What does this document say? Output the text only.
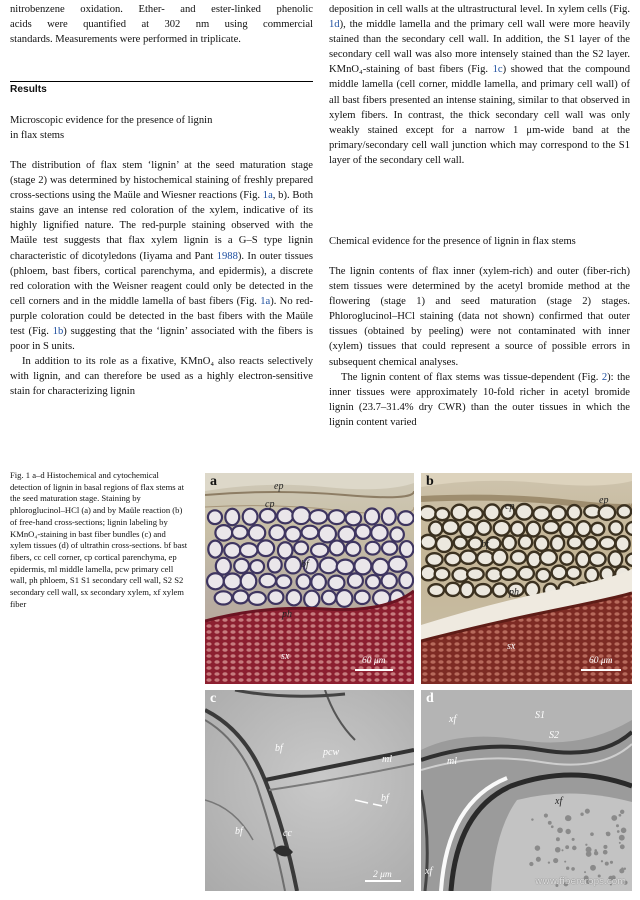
nitrobenzene oxidation. Ether- and ester-linked phenolic

acids were quantified at 302 nm using commercial

standards. Measurements were performed in triplicate.

Results
Microscopic evidence for the presence of lignin
in flax stems

The distribution of flax stem ‘lignin’ at the seed maturation stage (stage 2) was determined by histochemical staining of freshly prepared cross-sections using the Maüle and Wiesner reactions (Fig. 1a, b). Both stains gave an intense red coloration of the xylem, indicative of its highly lignified nature. The red-purple staining observed with the Maüle test suggests that flax xylem lignin is a G–S type lignin characteristic of dicotyledons (Iiyama and Pant 1988). In outer tissues (phloem, bast fibers, cortical parenchyma, and epidermis), a discrete red coloration with the Weisner reagent could only be detected in the cell corners and in the middle lamella of bast fibers (Fig. 1a). No red-purple coloration could be detected in the bast fibers with the Maüle test (Fig. 1b) suggesting that the ‘lignin’ associated with the fibers is poor in S units.

In addition to its role as a fixative, KMnO₄ also reacts selectively with lignin, and can therefore be used as a highly electron-sensitive stain for characterizing lignin

deposition in cell walls at the ultrastructural level. In xylem cells (Fig. 1d), the middle lamella and the primary cell wall were more heavily stained than the secondary cell wall. In addition, the S1 layer of the secondary cell wall was also more intensely stained than the S2 layer. KMnO₄-staining of bast fibers (Fig. 1c) showed that the compound middle lamella (cell corner, middle lamella, and primary cell wall) of all bast fibers presented an intense staining, similar to that observed in xylem fibers. In contrast, the thick secondary cell wall was only weakly stained except for a narrow 1 μm-wide band at the primary/secondary cell wall junction which may correspond to the S1 layer of the secondary cell wall.

Chemical evidence for the presence of lignin in flax stems

The lignin contents of flax inner (xylem-rich) and outer (fiber-rich) stem tissues were determined by the acetyl bromide method at the flowering (stage 1) and seed maturation (stage 2) stages. Phloroglucinol–HCl staining (data not shown) confirmed that outer tissues (obtained by peeling) were not contaminated with inner (xylem) tissues that could represent a source of possible errors in subsequent chemical analyses.

The lignin content of flax stems was tissue-dependent (Fig. 2): the inner tissues were approximately 10-fold richer in acetyl bromide lignin (23.7–31.4% dry CWR) than the outer tissues in which the lignin content varied

Fig. 1 a–d Histochemical and cytochemical detection of lignin in basal regions of flax stems at the seed maturation stage. Staining by phloroglucinol–HCl (a) and by Maüle reaction (b) of free-hand cross-sections; lignin labeling by KMnO₄-staining in bast fiber bundles (c) and xylem tissues (d) of ultrathin cross-sections. bf bast fibers, cc cell corner, cp cortical parenchyma, ep epidermis, ml middle lamella, pcw primary cell wall, ph phloem, S1 S1 secondary cell wall, S2 S2 secondary cell wall, sx secondary xylem, xf xylem fiber

a	ep
cp
bf
ph
sx	60 μm
b
ep
cp
bf
ph
sx
60 μm
c
bf	pcw
ml
bf
bf	cc
2 μm
d
xf	S1
S2
ml
xf
xf
www.fibercrops.com
